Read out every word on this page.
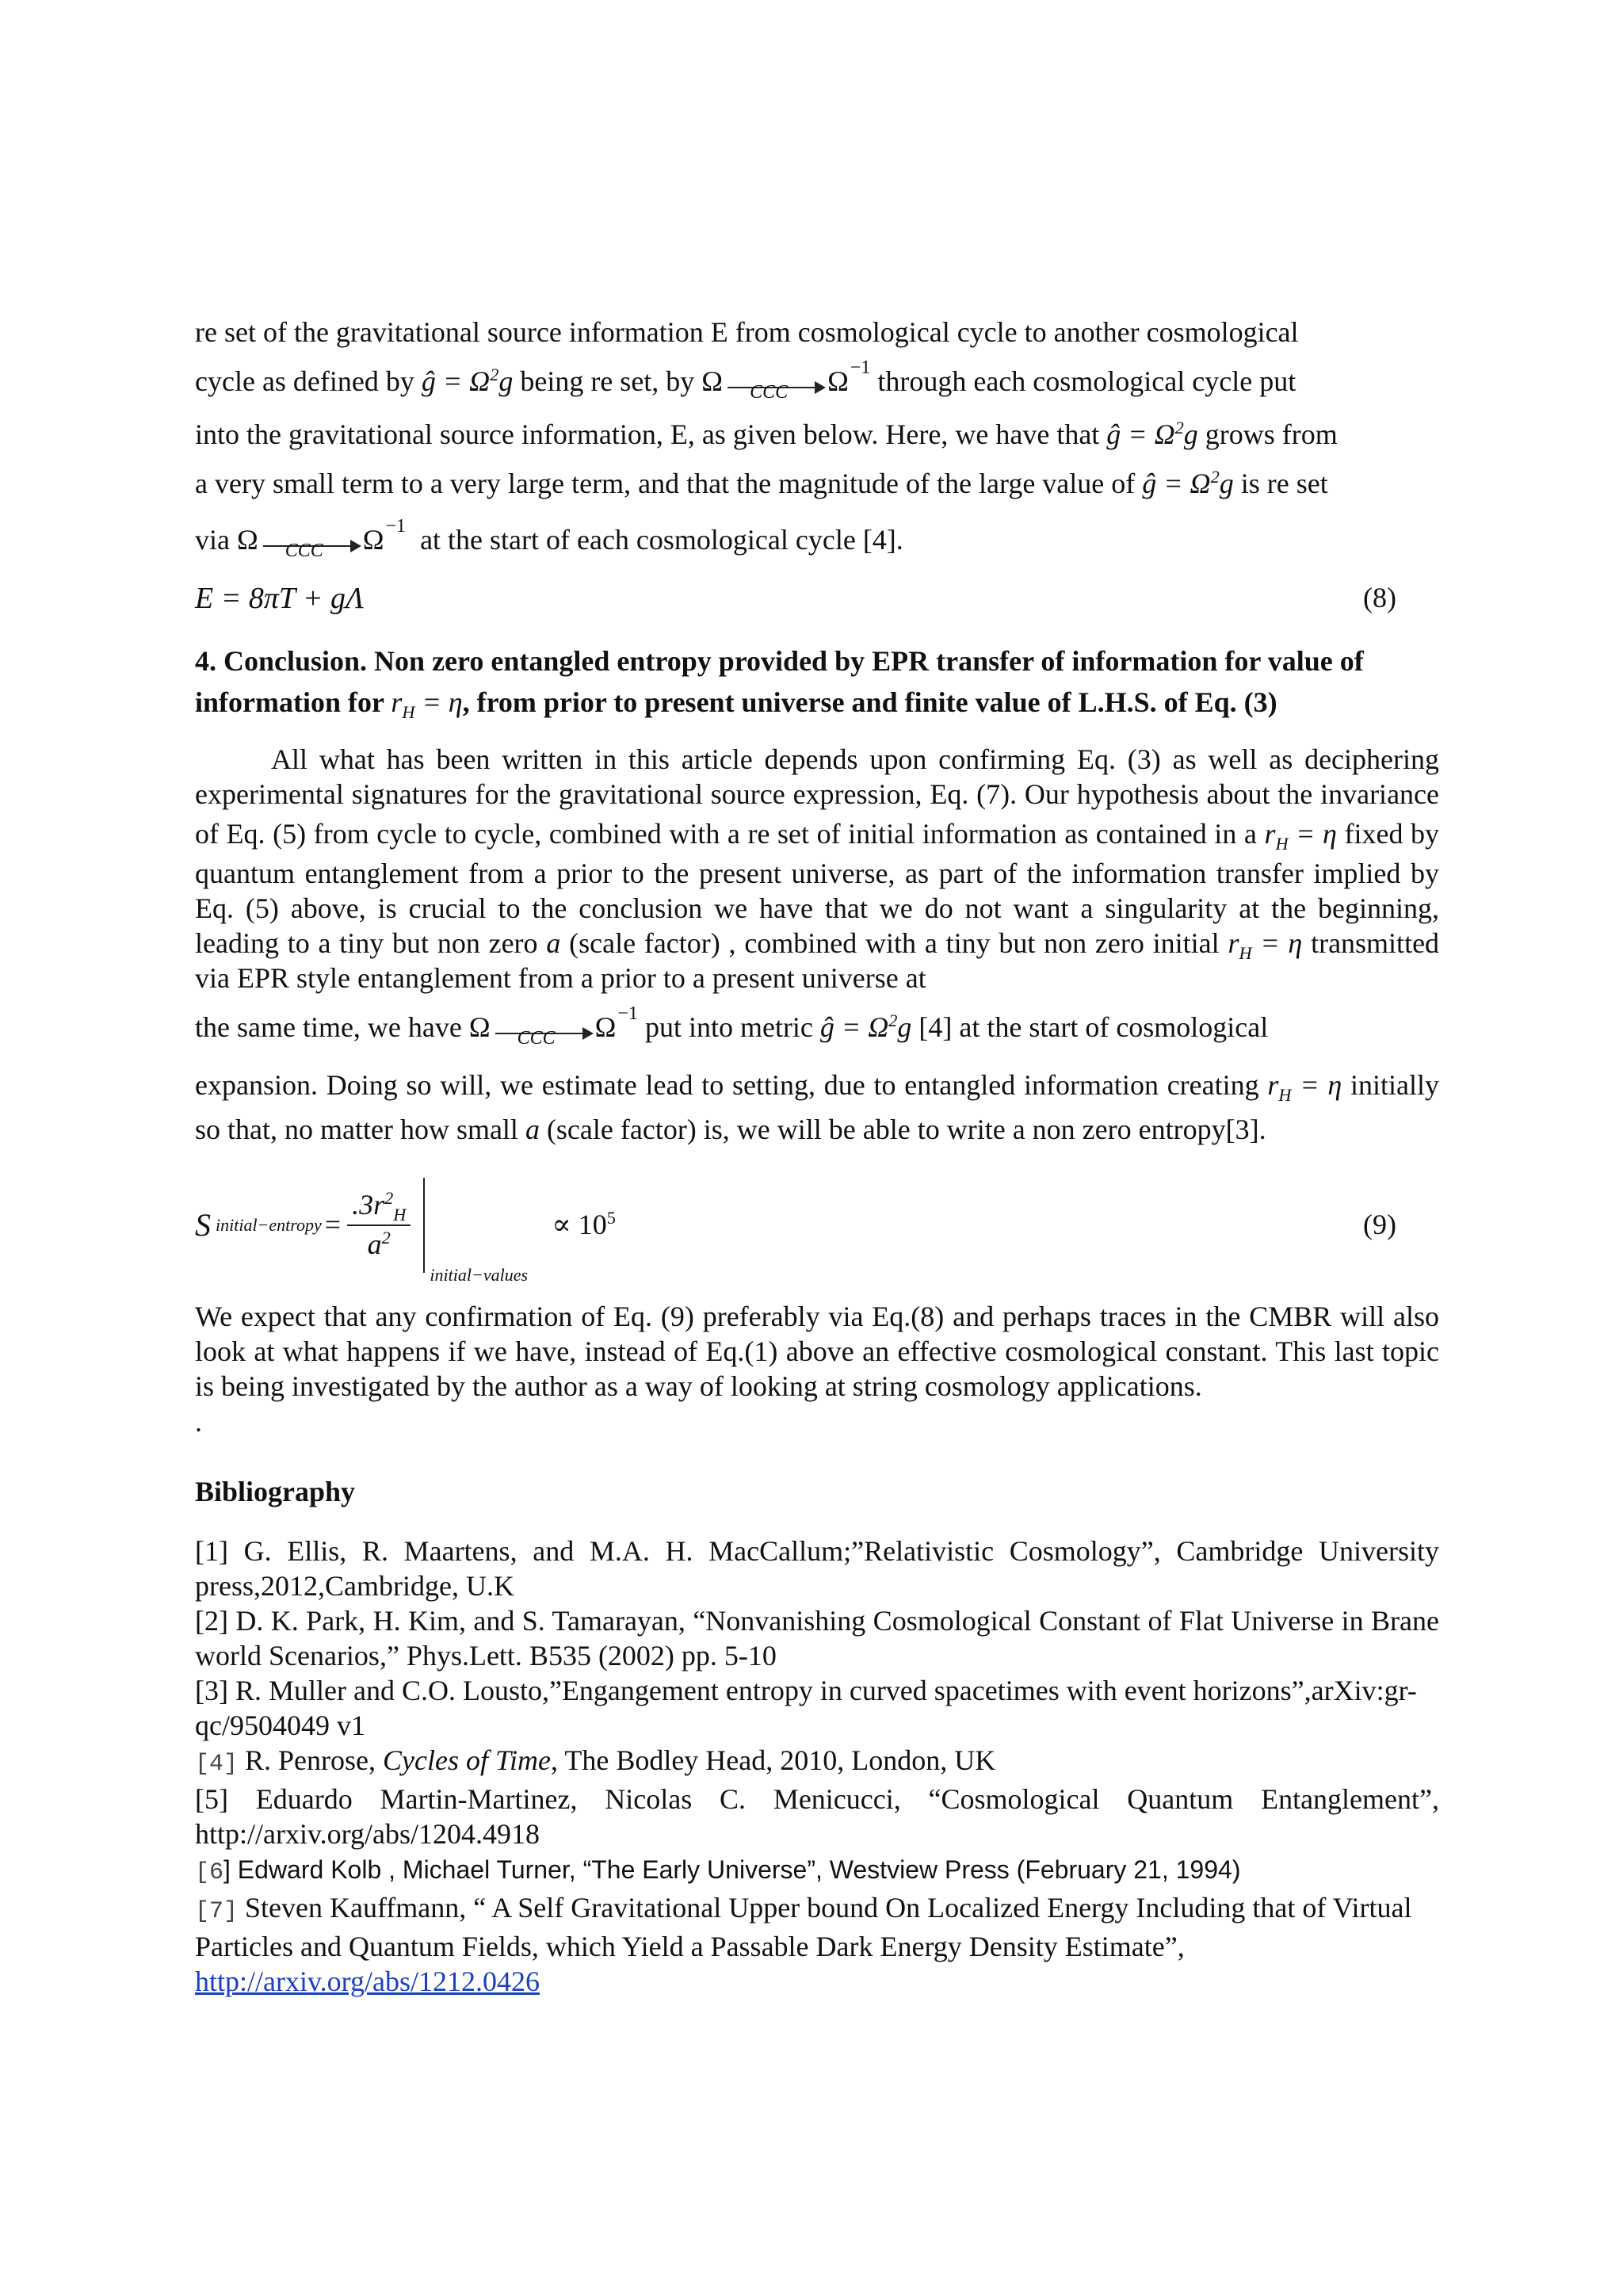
re set of the gravitational source information E from cosmological cycle to another cosmological

cycle as defined by ĝ = $\Omega^2g$ being re set, by Ω CCC $\Omega^{-1}$ through each cosmological cycle put

into the gravitational source information, E, as given below. Here, we have that ĝ = $\Omega^2g$ grows from

a very small term to a very large term, and that the magnitude of the large value of ĝ = $\Omega^2g$ is re set

via Ω CCC $\Omega^{-1}$ at the start of each cosmological cycle [4].

E = 8πT + gΛ	(8)

4. Conclusion. Non zero entangled entropy provided by EPR transfer of information for value of

information for $r_H = \eta$, from prior to present universe and finite value of L.H.S. of Eq. (3)

All what has been written in this article depends upon confirming Eq. (3) as well as deciphering experimental signatures for the gravitational source expression, Eq. (7). Our hypothesis about the invariance of Eq. (5) from cycle to cycle, combined with a re set of initial information as contained in a $r_H = \eta$ fixed by quantum entanglement from a prior to the present universe, as part of the information transfer implied by Eq. (5) above, is crucial to the conclusion we have that we do not want a singularity at the beginning, leading to a tiny but non zero a (scale factor) , combined with a tiny but non zero initial $r_H = \eta$ transmitted via EPR style entanglement from a prior to a present universe at

the same time, we have Ω CCC $\Omega^{-1}$ put into metric ĝ = $\Omega^2g$ [4] at the start of cosmological

expansion. Doing so will, we estimate lead to setting, due to entangled information creating $r_H = \eta$ initially so that, no matter how small a (scale factor) is, we will be able to write a non zero entropy[3].

S initial−entropy = $\frac{.3r^2_H}{a^2}$
initial−values
∝ $10^5$	(9)

We expect that any confirmation of Eq. (9) preferably via Eq.(8) and perhaps traces in the CMBR will also look at what happens if we have, instead of Eq.(1) above an effective cosmological constant. This last topic is being investigated by the author as a way of looking at string cosmology applications.

.

Bibliography

[1] G. Ellis, R. Maartens, and M.A. H. MacCallum;”Relativistic Cosmology”, Cambridge University press,2012,Cambridge, U.K

[2] D. K. Park, H. Kim, and S. Tamarayan, “Nonvanishing Cosmological Constant of Flat Universe in Brane world Scenarios,” Phys.Lett. B535 (2002) pp. 5-10

[3] R. Muller and C.O. Lousto,”Engangement entropy in curved spacetimes with event horizons”,arXiv:gr-qc/9504049 v1

[4] R. Penrose, Cycles of Time, The Bodley Head, 2010, London, UK

[5] Eduardo Martin-Martinez, Nicolas C. Menicucci, “Cosmological Quantum Entanglement”, http://arxiv.org/abs/1204.4918

[6] Edward Kolb , Michael Turner, “The Early Universe”, Westview Press (February 21, 1994)

[7] Steven Kauffmann, “ A Self Gravitational Upper bound On Localized Energy Including that of Virtual Particles and Quantum Fields, which Yield a Passable Dark Energy Density Estimate”,
http://arxiv.org/abs/1212.0426
